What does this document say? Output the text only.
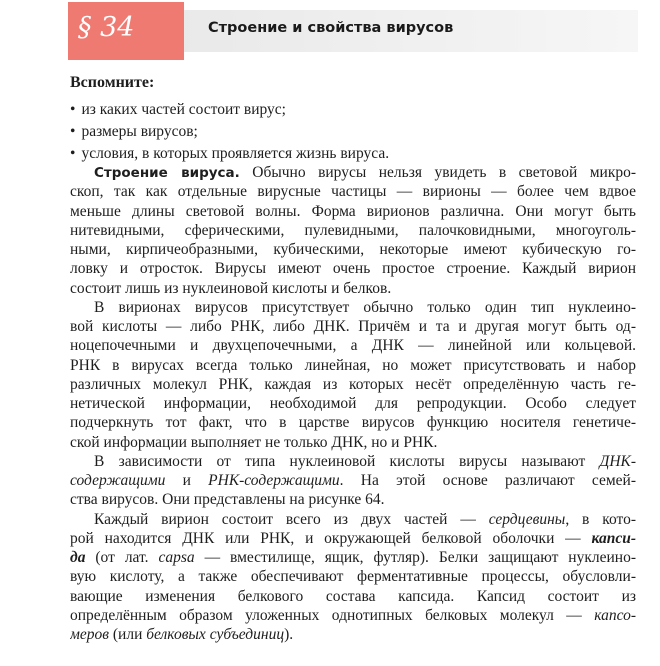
§ 34	Строение и свойства вирусов

Вспомните:

• из каких частей состоит вирус;
• размеры вирусов;
• условия, в которых проявляется жизнь вируса.
Строение вируса. Обычно вирусы нельзя увидеть в световой микро-
скоп, так как отдельные вирусные частицы — вирионы — более чем вдвое
меньше длины световой волны. Форма вирионов различна. Они могут быть
нитевидными, сферическими, пулевидными, палочковидными, многоуголь-
ными, кирпичеобразными, кубическими, некоторые имеют кубическую го-
ловку и отросток. Вирусы имеют очень простое строение. Каждый вирион
состоит лишь из нуклеиновой кислоты и белков.
В вирионах вирусов присутствует обычно только один тип нуклеино-
вой кислоты — либо РНК, либо ДНК. Причём и та и другая могут быть од-
ноцепочечными и двухцепочечными, а ДНК — линейной или кольцевой.
РНК в вирусах всегда только линейная, но может присутствовать и набор
различных молекул РНК, каждая из которых несёт определённую часть ге-
нетической информации, необходимой для репродукции. Особо следует
подчеркнуть тот факт, что в царстве вирусов функцию носителя генетиче-
ской информации выполняет не только ДНК, но и РНК.
В зависимости от типа нуклеиновой кислоты вирусы называют ДНК-
содержащими и РНК-содержащими. На этой основе различают семей-
ства вирусов. Они представлены на рисунке 64.
Каждый вирион состоит всего из двух частей — сердцевины, в кото-
рой находится ДНК или РНК, и окружающей белковой оболочки — капси-
да (от лат. capsa — вместилище, ящик, футляр). Белки защищают нуклеино-
вую кислоту, а также обеспечивают ферментативные процессы, обусловли-
вающие изменения белкового состава капсида. Капсид состоит из
определённым образом уложенных однотипных белковых молекул — капсо-
меров (или белковых субъединиц).
